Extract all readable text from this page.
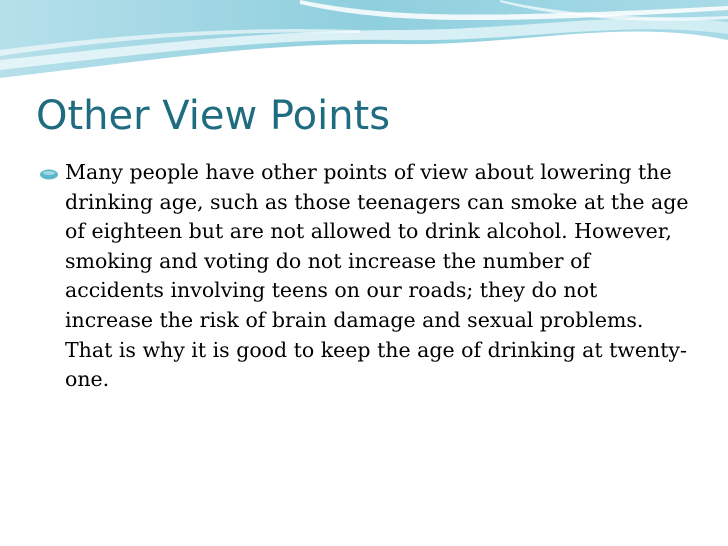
Other View Points
Many people have other points of view about lowering the drinking age, such as those teenagers can smoke at the age of eighteen but are not allowed to drink alcohol. However, smoking and voting do not increase the number of accidents involving teens on our roads; they do not increase the risk of brain damage and sexual problems. That is why it is good to keep the age of drinking at twenty-one.
